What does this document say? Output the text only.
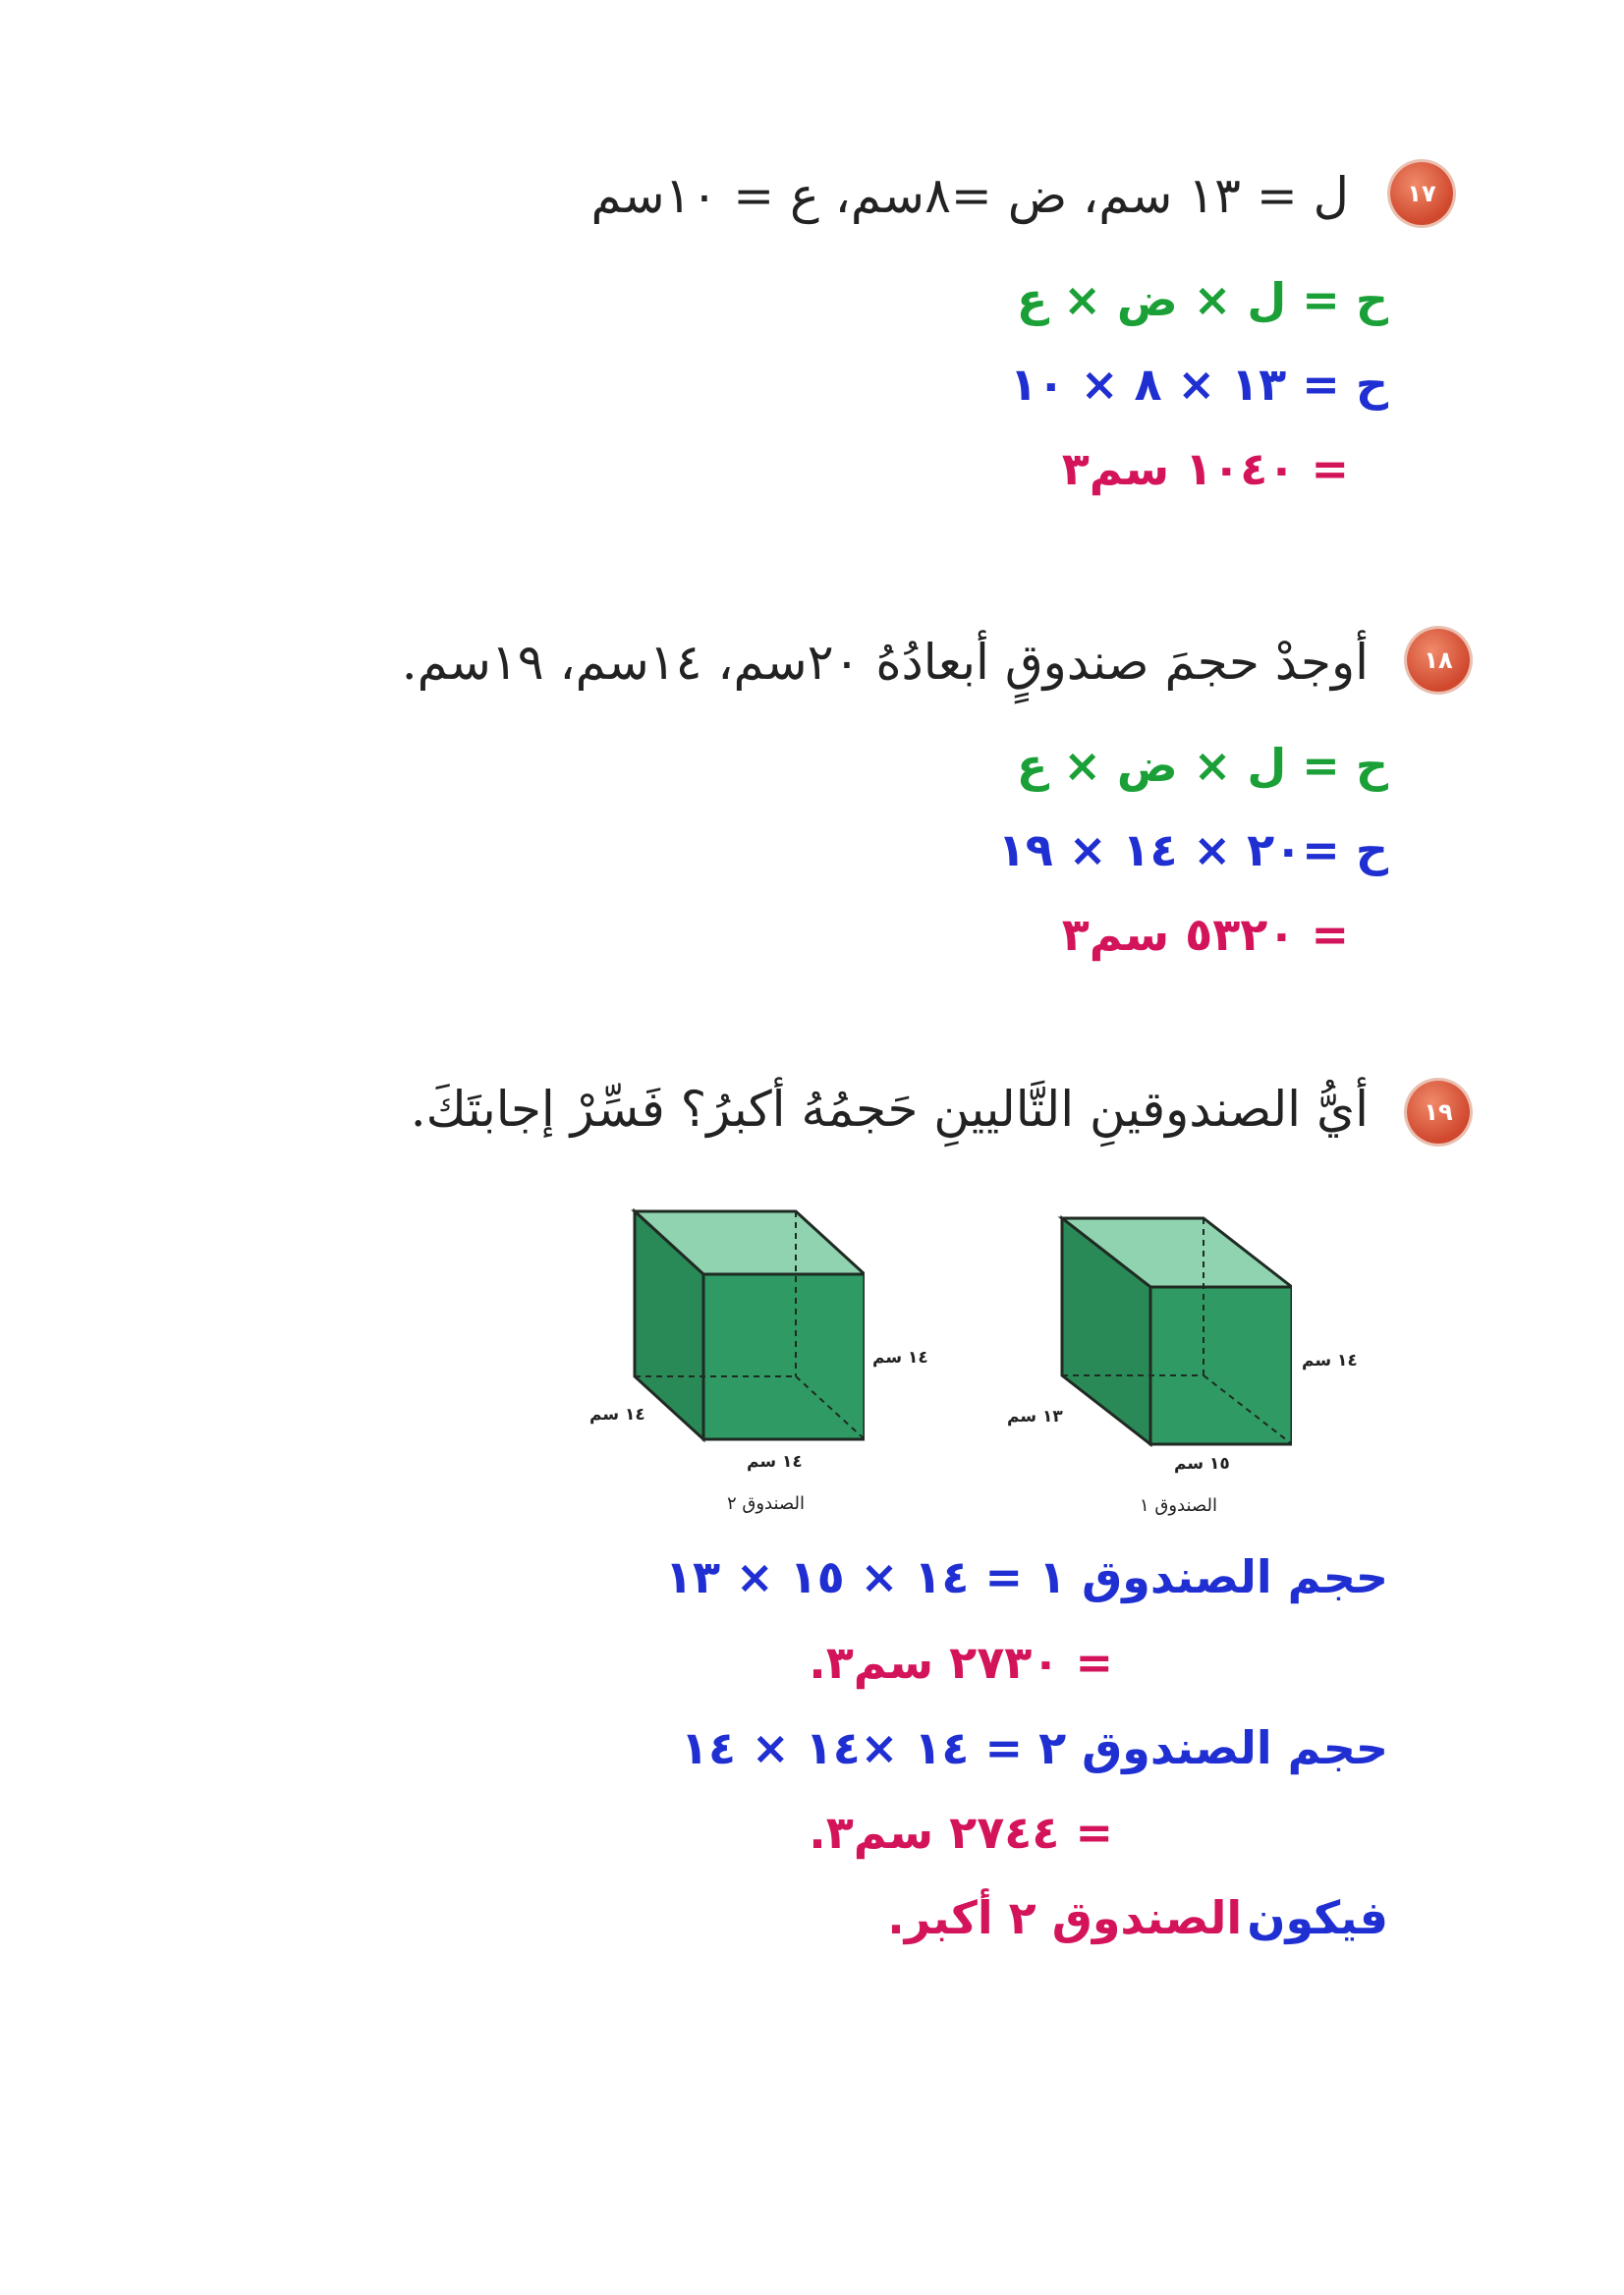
١٧
ل = ١٣ سم، ض =٨سم، ع = ١٠سم
ح = ل × ض × ع
ح = ١٣ × ٨ × ١٠
= ١٠٤٠ سم٣
١٨
أوجدْ حجمَ صندوقٍ أبعادُهُ ٢٠سم، ١٤سم، ١٩سم.
ح = ل × ض × ع
ح =٢٠ × ١٤ × ١٩
= ٥٣٢٠ سم٣
١٩
أيُّ الصندوقينِ التَّاليينِ حَجمُهُ أكبرُ؟ فَسِّرْ إجابتَكَ.
١٤ سم
١٤ سم
١٤ سم
الصندوق ٢
١٤ سم
١٣ سم
١٥ سم
الصندوق ١
حجم الصندوق ١ = ١٤ × ١٥ × ١٣
= ٢٧٣٠ سم٣.
حجم الصندوق ٢ = ١٤ ×١٤ × ١٤
= ٢٧٤٤ سم٣.
فيكون الصندوق ٢ أكبر.
